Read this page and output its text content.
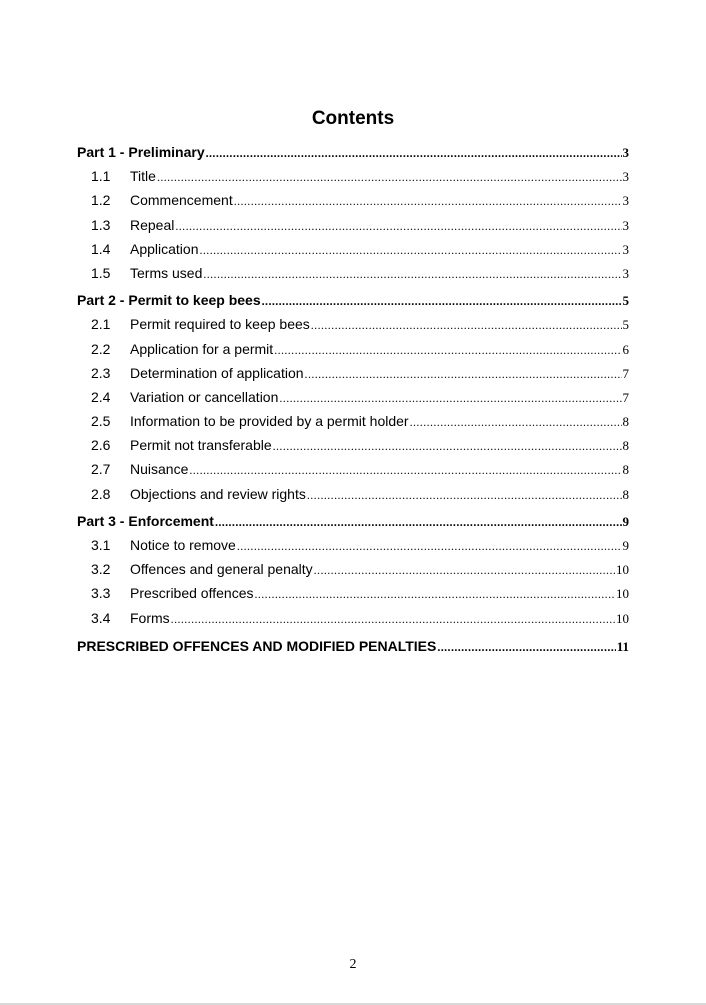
Contents
Part 1 - Preliminary .....	3
1.1	Title .....	3
1.2	Commencement .....	3
1.3	Repeal .....	3
1.4	Application .....	3
1.5	Terms used .....	3
Part 2 - Permit to keep bees .....	5
2.1	Permit required to keep bees .....	5
2.2	Application for a permit .....	6
2.3	Determination of application .....	7
2.4	Variation or cancellation .....	7
2.5	Information to be provided by a permit holder .....	8
2.6	Permit not transferable .....	8
2.7	Nuisance .....	8
2.8	Objections and review rights .....	8
Part 3 - Enforcement .....	9
3.1	Notice to remove .....	9
3.2	Offences and general penalty .....	10
3.3	Prescribed offences .....	10
3.4	Forms .....	10
PRESCRIBED OFFENCES AND MODIFIED PENALTIES .....	11
2
